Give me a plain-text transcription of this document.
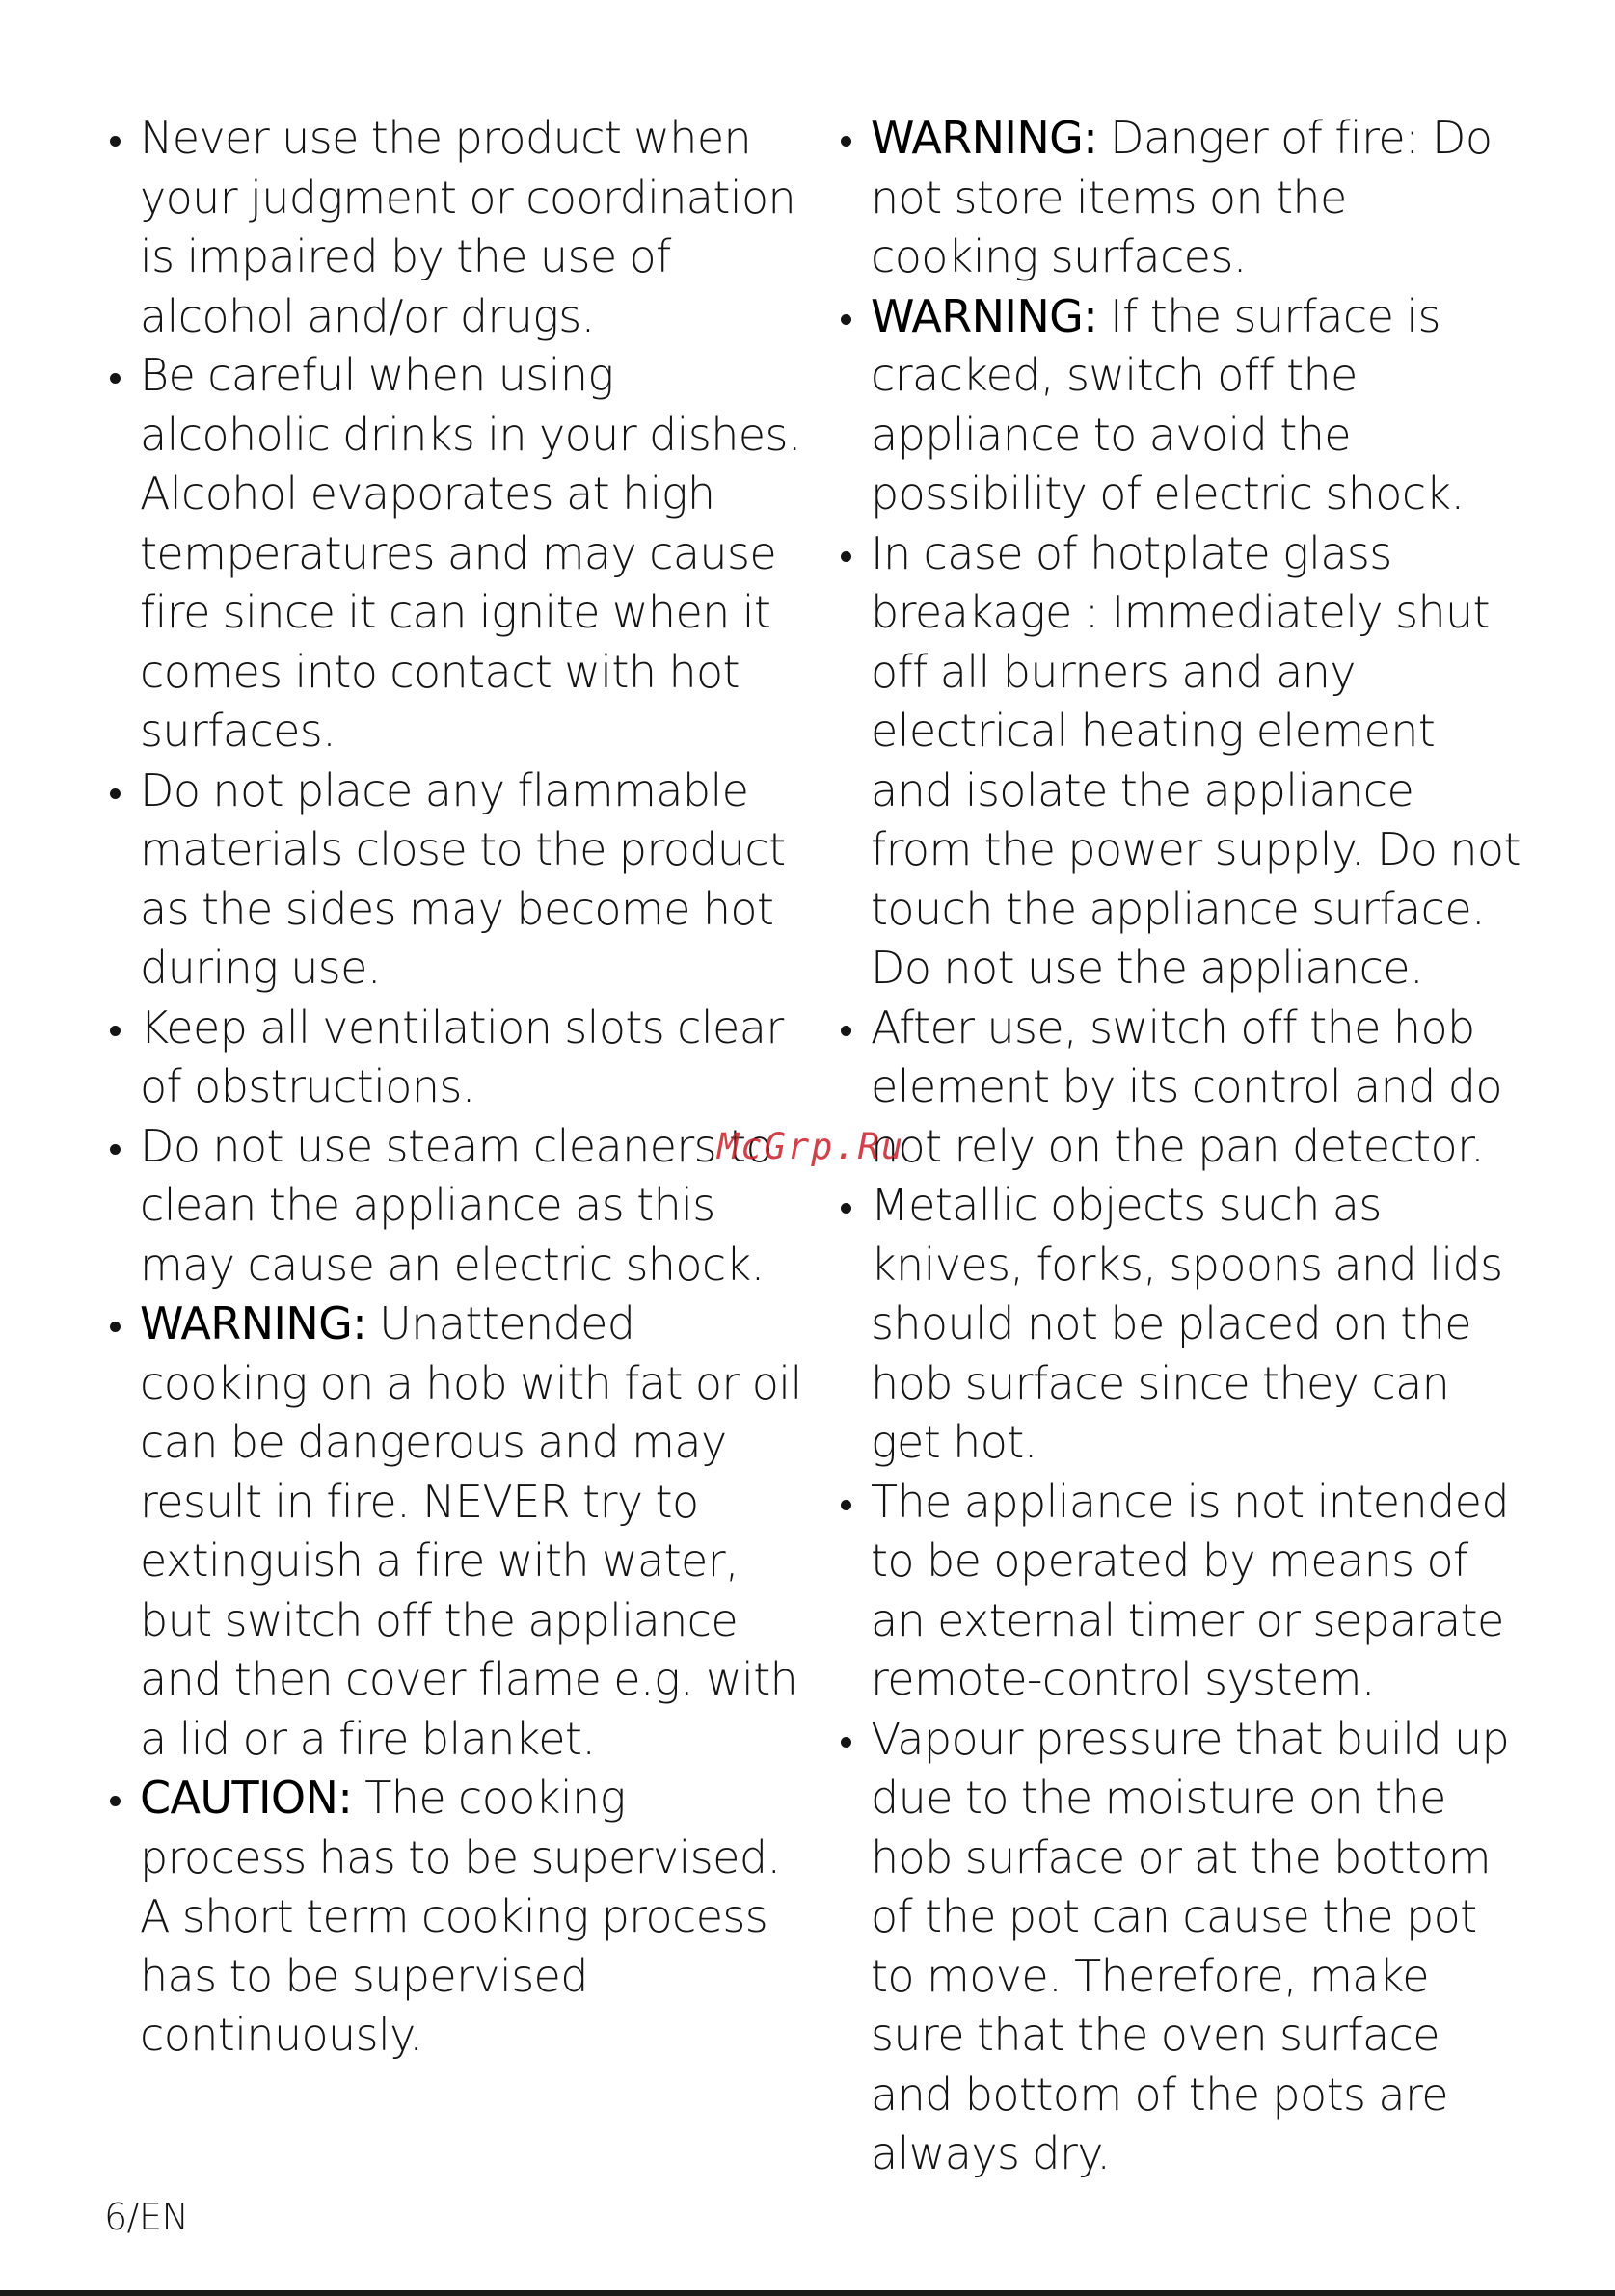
Never use the product when your judgment or coordination is impaired by the use of alcohol and/or drugs.
Be careful when using alcoholic drinks in your dishes. Alcohol evaporates at high temperatures and may cause fire since it can ignite when it comes into contact with hot surfaces.
Do not place any flammable materials close to the product as the sides may become hot during use.
Keep all ventilation slots clear of obstructions.
Do not use steam cleaners to clean the appliance as this may cause an electric shock.
WARNING: Unattended cooking on a hob with fat or oil can be dangerous and may result in fire. NEVER try to extinguish a fire with water, but switch off the appliance and then cover flame e.g. with a lid or a fire blanket.
CAUTION: The cooking process has to be supervised. A short term cooking process has to be supervised continuously.
WARNING: Danger of fire: Do not store items on the cooking surfaces.
WARNING: If the surface is cracked, switch off the appliance to avoid the possibility of electric shock.
In case of hotplate glass breakage : Immediately shut off all burners and any electrical heating element and isolate the appliance from the power supply. Do not touch the appliance surface. Do not use the appliance.
After use, switch off the hob element by its control and do not rely on the pan detector.
Metallic objects such as knives, forks, spoons and lids should not be placed on the hob surface since they can get hot.
The appliance is not intended to be operated by means of an external timer or separate remote-control system.
Vapour pressure that build up due to the moisture on the hob surface or at the bottom of the pot can cause the pot to move. Therefore, make sure that the oven surface and bottom of the pots are always dry.
McGrp.Ru
6/EN
